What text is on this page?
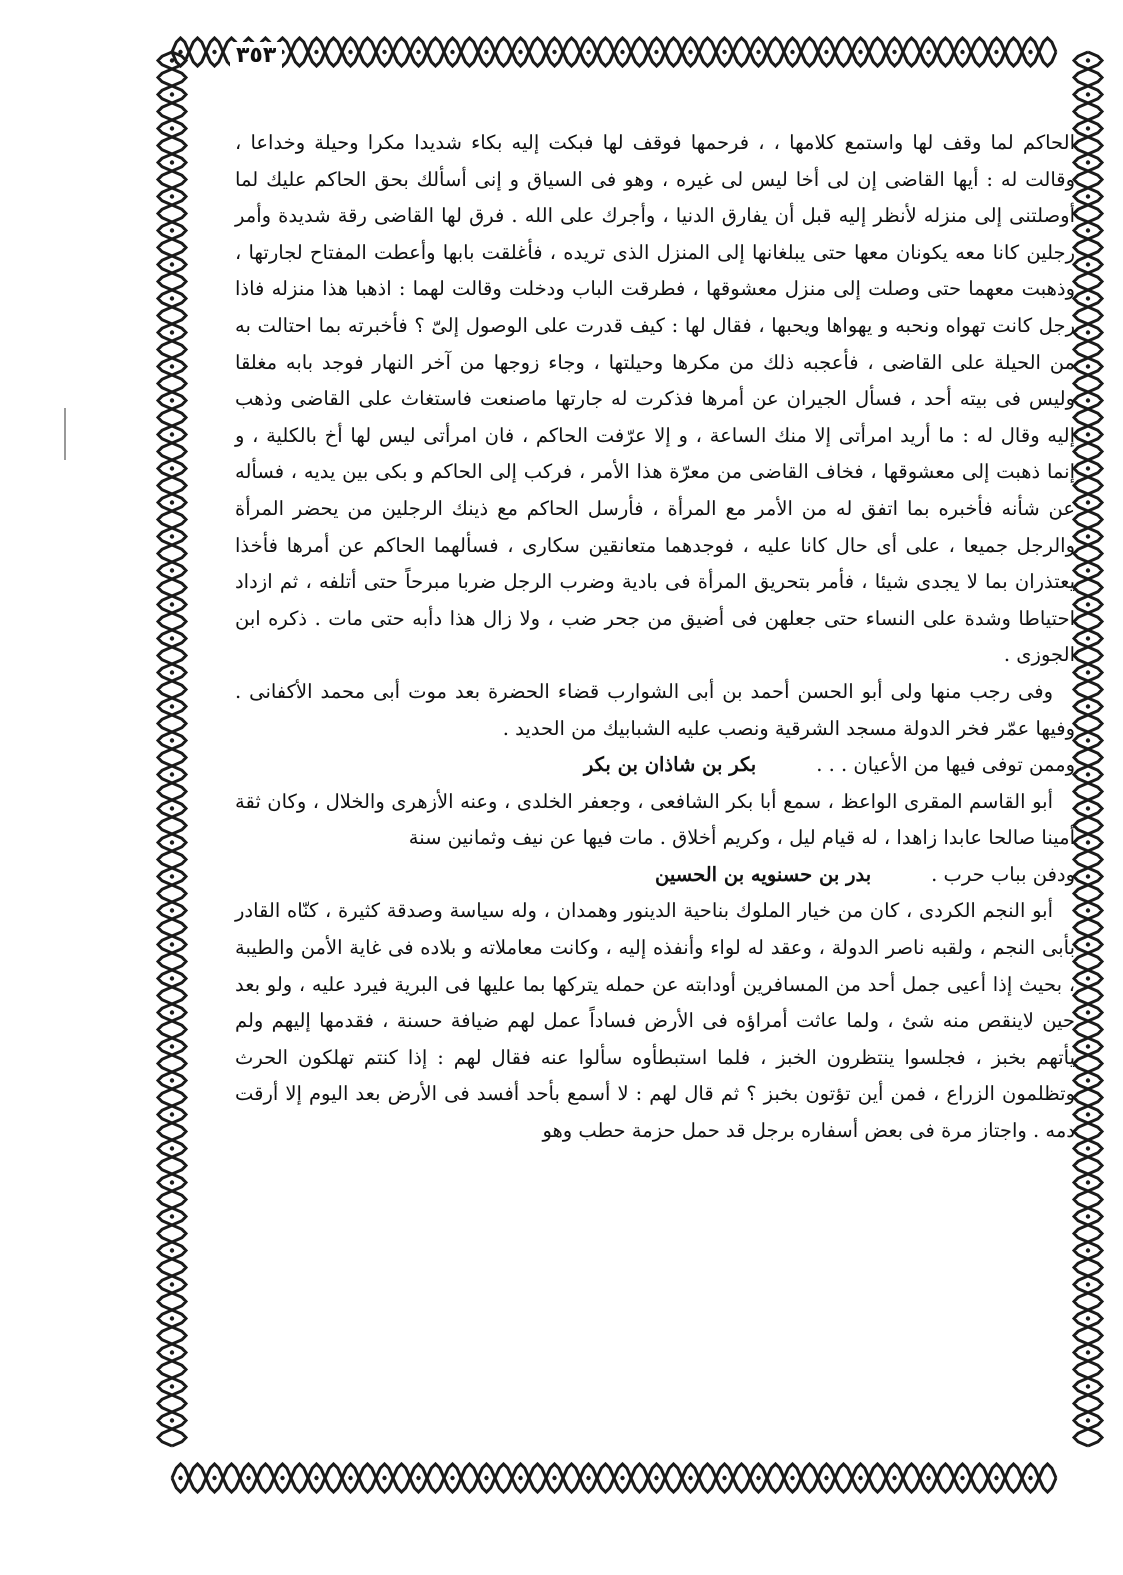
٣٥٣

الحاكم لما وقف لها واستمع كلامها ، ، فرحمها فوقف لها فبكت إليه بكاء شديدا مكرا وحيلة وخداعا ، وقالت له : أيها القاضى إن لى أخا ليس لى غيره ، وهو فى السياق و إنى أسألك بحق الحاكم عليك لما أوصلتنى إلى منزله لأنظر إليه قبل أن يفارق الدنيا ، وأجرك على الله . فرق لها القاضى رقة شديدة وأمر رجلين كانا معه يكونان معها حتى يبلغانها إلى المنزل الذى تريده ، فأغلقت بابها وأعطت المفتاح لجارتها ، وذهبت معهما حتى وصلت إلى منزل معشوقها ، فطرقت الباب ودخلت وقالت لهما : اذهبا هذا منزله فاذا رجل كانت تهواه ونحبه و يهواها ويحبها ، فقال لها : كيف قدرت على الوصول إلىّ ؟ فأخبرته بما احتالت به من الحيلة على القاضى ، فأعجبه ذلك من مكرها وحيلتها ، وجاء زوجها من آخر النهار فوجد بابه مغلقا وليس فى بيته أحد ، فسأل الجيران عن أمرها فذكرت له جارتها ماصنعت فاستغاث على القاضى وذهب إليه وقال له : ما أريد امرأتى إلا منك الساعة ، و إلا عرّفت الحاكم ، فان امرأتى ليس لها أخ بالكلية ، و إنما ذهبت إلى معشوقها ، فخاف القاضى من معرّة هذا الأمر ، فركب إلى الحاكم و بكى بين يديه ، فسأله عن شأنه فأخبره بما اتفق له من الأمر مع المرأة ، فأرسل الحاكم مع ذينك الرجلين من يحضر المرأة والرجل جميعا ، على أى حال كانا عليه ، فوجدهما متعانقين سكارى ، فسألهما الحاكم عن أمرها فأخذا يعتذران بما لا يجدى شيئا ، فأمر بتحريق المرأة فى بادية وضرب الرجل ضربا مبرحاً حتى أتلفه ، ثم ازداد احتياطا وشدة على النساء حتى جعلهن فى أضيق من جحر ضب ، ولا زال هذا دأبه حتى مات . ذكره ابن الجوزى .

وفى رجب منها ولى أبو الحسن أحمد بن أبى الشوارب قضاء الحضرة بعد موت أبى محمد الأكفانى . وفيها عمّر فخر الدولة مسجد الشرقية ونصب عليه الشبابيك من الحديد .

وممن توفى فيها من الأعيان . . .
بكر بن شاذان بن بكر

أبو القاسم المقرى الواعظ ، سمع أبا بكر الشافعى ، وجعفر الخلدى ، وعنه الأزهرى والخلال ، وكان ثقة أمينا صالحا عابدا زاهدا ، له قيام ليل ، وكريم أخلاق . مات فيها عن نيف وثمانين سنة

ودفن بباب حرب .
بدر بن حسنويه بن الحسين

أبو النجم الكردى ، كان من خيار الملوك بناحية الدينور وهمدان ، وله سياسة وصدقة كثيرة ، كنّاه القادر بأبى النجم ، ولقبه ناصر الدولة ، وعقد له لواء وأنفذه إليه ، وكانت معاملاته و بلاده فى غاية الأمن والطيبة ، بحيث إذا أعيى جمل أحد من المسافرين أودابته عن حمله يتركها بما عليها فى البرية فيرد عليه ، ولو بعد حين لاينقص منه شئ ، ولما عاثت أمراؤه فى الأرض فساداً عمل لهم ضيافة حسنة ، فقدمها إليهم ولم يأتهم بخبز ، فجلسوا ينتظرون الخبز ، فلما استبطأوه سألوا عنه فقال لهم : إذا كنتم تهلكون الحرث وتظلمون الزراع ، فمن أين تؤتون بخبز ؟ ثم قال لهم : لا أسمع بأحد أفسد فى الأرض بعد اليوم إلا أرقت دمه . واجتاز مرة فى بعض أسفاره برجل قد حمل حزمة حطب وهو
